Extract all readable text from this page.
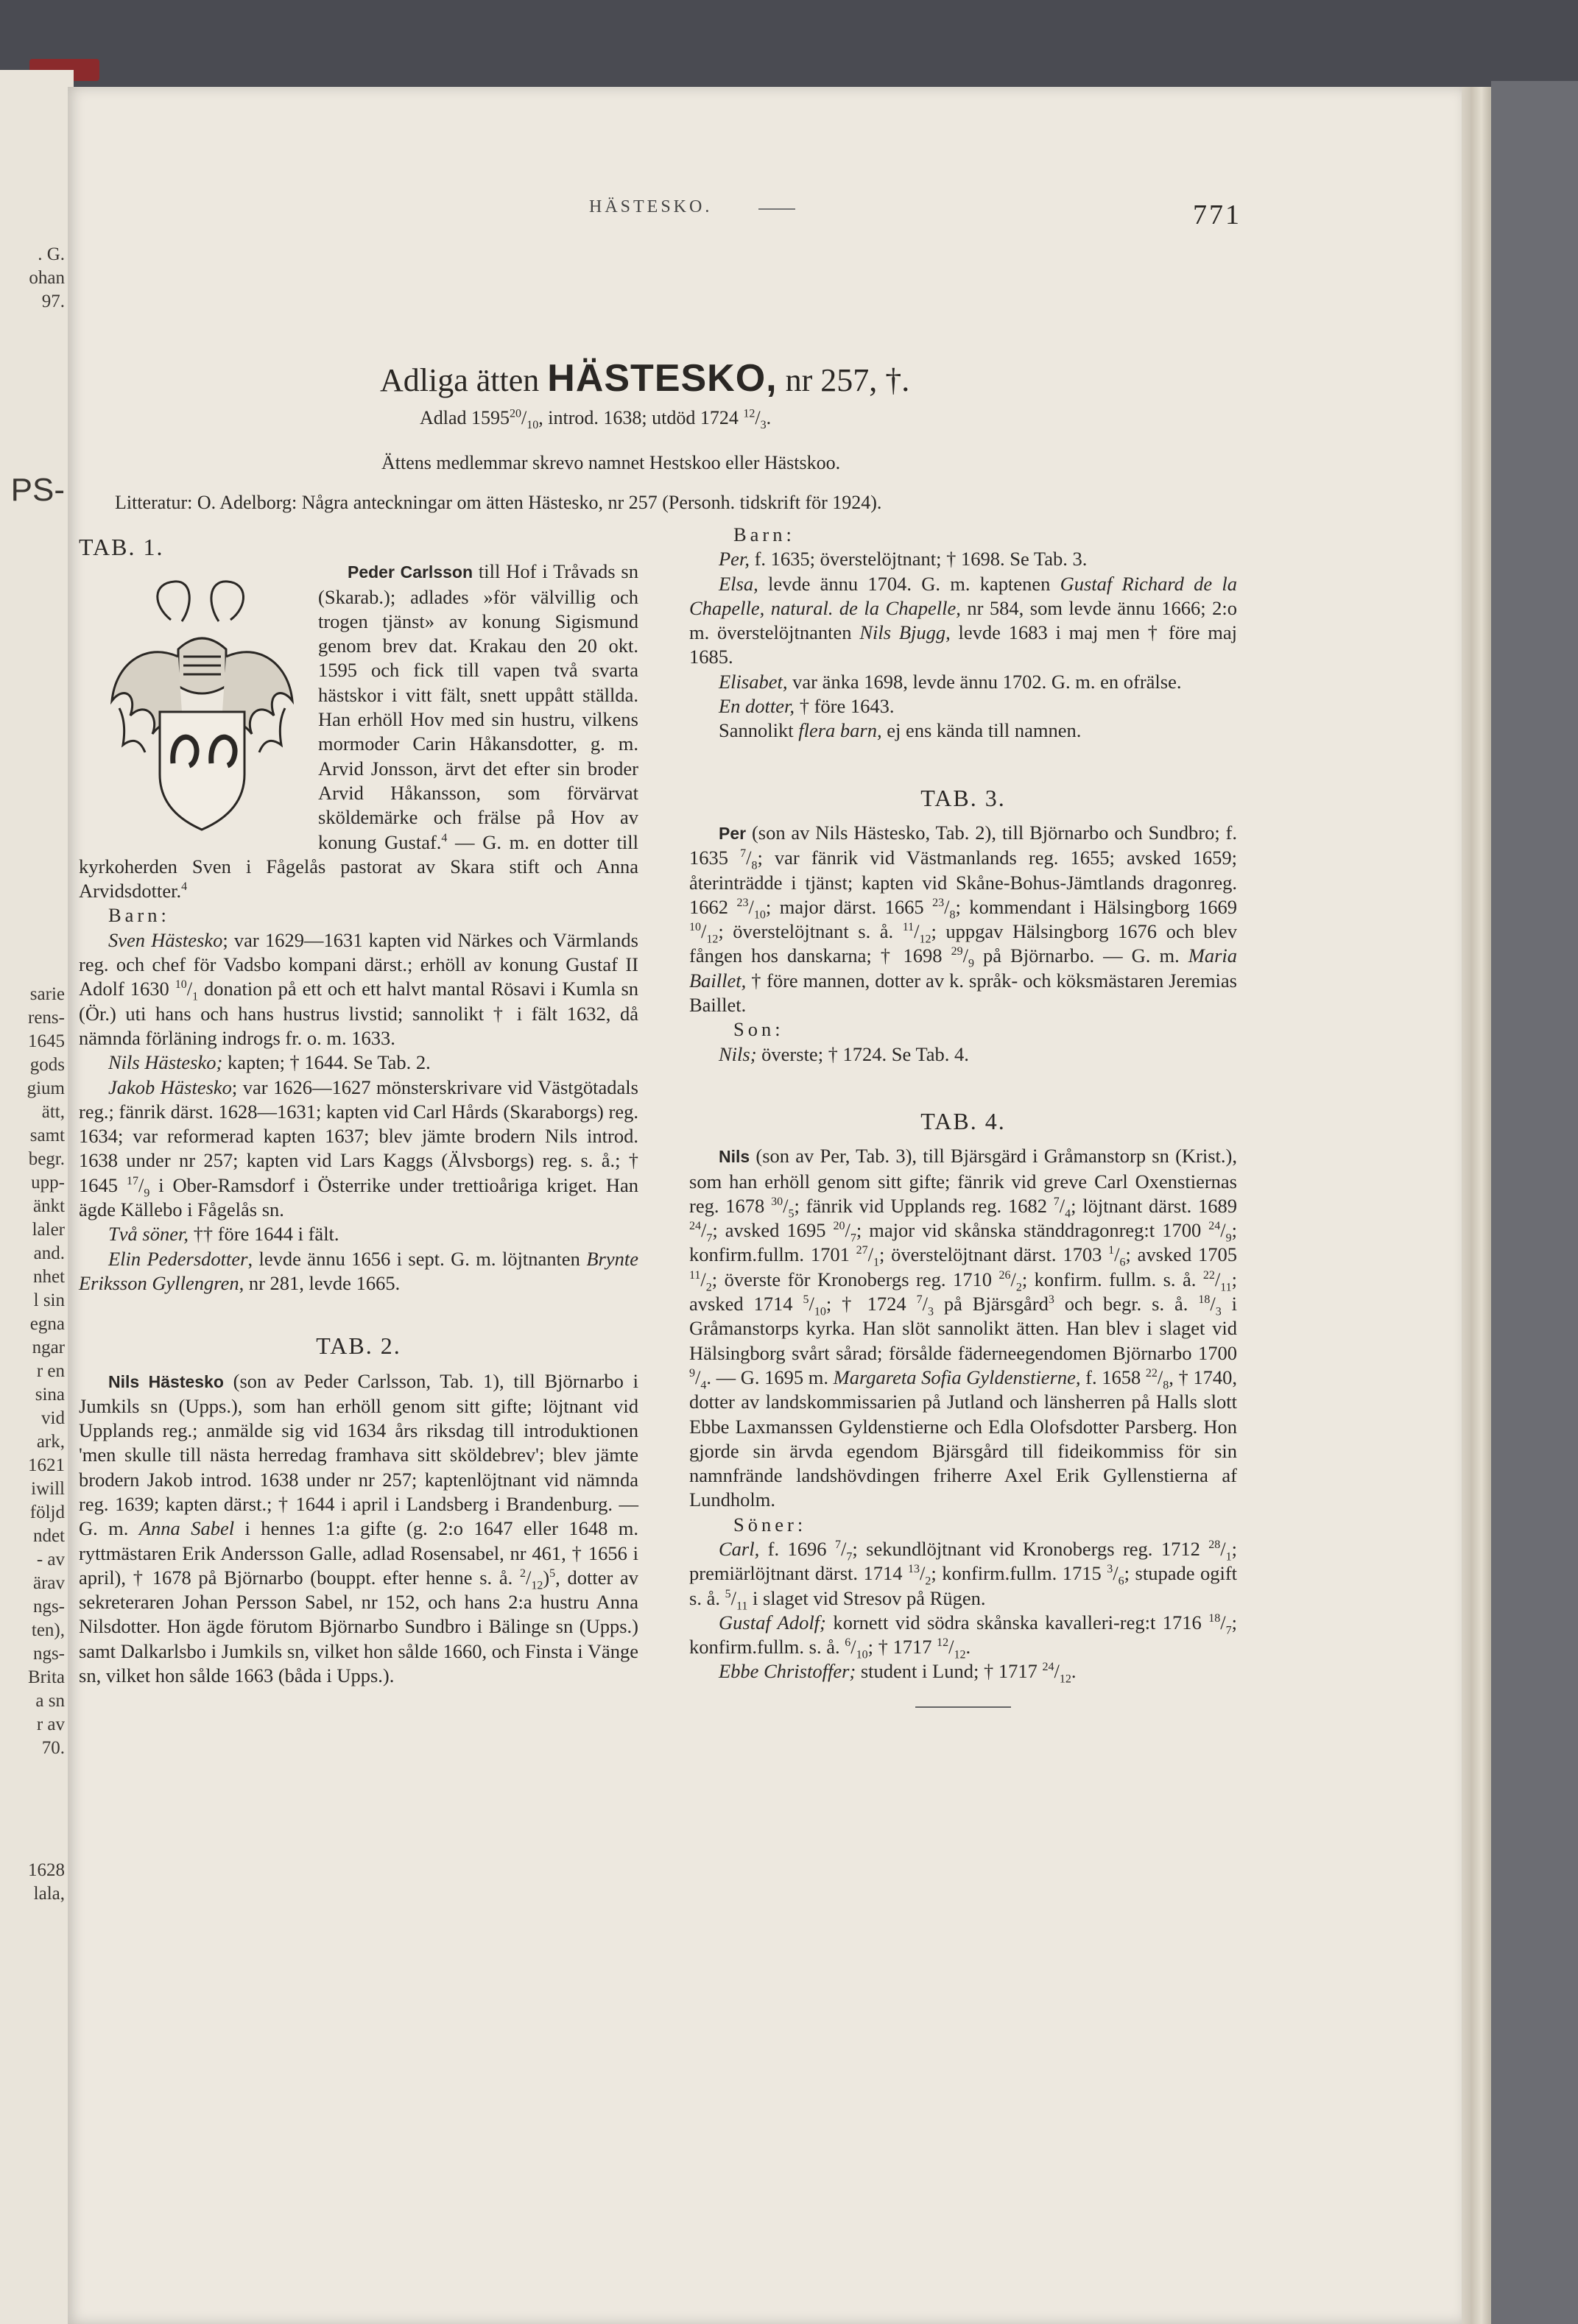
. G.
ohan
97.
PS-
sarie
rens-
1645
gods
gium
ätt,
samt
begr.
upp-
änkt
laler
and.
nhet
l sin
egna
ngar
r en
sina
vid
ark,
1621
iwill
följd
ndet
- av
ärav
ngs-
ten),
ngs-
Brita
a sn
r av
70.
1628
lala,
HÄSTESKO.	771
Adliga ätten HÄSTESKO, nr 257, †.
Adlad $1595^{20}/_{10}$, introd. 1638; utdöd 1724 $^{12}/_3$.
Ättens medlemmar skrevo namnet Hestskoo eller Hästskoo.
Litteratur: O. Adelborg: Några anteckningar om ätten Hästesko, nr 257 (Personh. tidskrift för 1924).

TAB. 1.

Peder Carlsson till Hof i Tråvads sn (Skarab.); adlades »för välvillig och trogen tjänst» av konung Sigismund genom brev dat. Krakau den 20 okt. 1595 och fick till vapen två svarta hästskor i vitt fält, snett uppått ställda. Han erhöll Hov med sin hustru, vilkens mormoder Carin Håkansdotter, g. m. Arvid Jonsson, ärvt det efter sin broder Arvid Håkansson, som förvärvat sköldemärke och frälse på Hov av konung Gustaf.$^4$ — G. m. en dotter till kyrkoherden Sven i Fågelås pastorat av Skara stift och Anna Arvidsdotter.$^4$

Barn:

Sven Hästesko; var 1629—1631 kapten vid Närkes och Värmlands reg. och chef för Vadsbo kompani därst.; erhöll av konung Gustaf II Adolf 1630 $^{10}/_1$ donation på ett och ett halvt mantal Rösavi i Kumla sn (Ör.) uti hans och hans hustrus livstid; sannolikt † i fält 1632, då nämnda förläning indrogs fr. o. m. 1633.

Nils Hästesko; kapten; † 1644. Se Tab. 2.

Jakob Hästesko; var 1626—1627 mönsterskrivare vid Västgötadals reg.; fänrik därst. 1628—1631; kapten vid Carl Hårds (Skaraborgs) reg. 1634; var reformerad kapten 1637; blev jämte brodern Nils introd. 1638 under nr 257; kapten vid Lars Kaggs (Älvsborgs) reg. s. å.; † 1645 $^{17}/_9$ i Ober-Ramsdorf i Österrike under trettioåriga kriget. Han ägde Källebo i Fågelås sn.

Två söner, †† före 1644 i fält.

Elin Pedersdotter, levde ännu 1656 i sept. G. m. löjtnanten Brynte Eriksson Gyllengren, nr 281, levde 1665.

TAB. 2.

Nils Hästesko (son av Peder Carlsson, Tab. 1), till Björnarbo i Jumkils sn (Upps.), som han erhöll genom sitt gifte; löjtnant vid Upplands reg.; anmälde sig vid 1634 års riksdag till introduktionen 'men skulle till nästa herredag framhava sitt sköldebrev'; blev jämte brodern Jakob introd. 1638 under nr 257; kaptenlöjtnant vid nämnda reg. 1639; kapten därst.; † 1644 i april i Landsberg i Brandenburg. — G. m. Anna Sabel i hennes 1:a gifte (g. 2:o 1647 eller 1648 m. ryttmästaren Erik Andersson Galle, adlad Rosensabel, nr 461, † 1656 i april), † 1678 på Björnarbo (bouppt. efter henne s. å. $^2/_{12})^5$, dotter av sekreteraren Johan Persson Sabel, nr 152, och hans 2:a hustru Anna Nilsdotter. Hon ägde förutom Björnarbo Sundbro i Bälinge sn (Upps.) samt Dalkarlsbo i Jumkils sn, vilket hon sålde 1660, och Finsta i Vänge sn, vilket hon sålde 1663 (båda i Upps.).

Barn:

Per, f. 1635; överstelöjtnant; † 1698. Se Tab. 3.

Elsa, levde ännu 1704. G. m. kaptenen Gustaf Richard de la Chapelle, natural. de la Chapelle, nr 584, som levde ännu 1666; 2:o m. överstelöjtnanten Nils Bjugg, levde 1683 i maj men † före maj 1685.

Elisabet, var änka 1698, levde ännu 1702. G. m. en ofrälse.

En dotter, † före 1643.

Sannolikt flera barn, ej ens kända till namnen.

TAB. 3.

Per (son av Nils Hästesko, Tab. 2), till Björnarbo och Sundbro; f. 1635 $^7/_8$; var fänrik vid Västmanlands reg. 1655; avsked 1659; återinträdde i tjänst; kapten vid Skåne-Bohus-Jämtlands dragonreg. 1662 $^{23}/_{10}$; major därst. 1665 $^{23}/_8$; kommendant i Hälsingborg 1669 $^{10}/_{12}$; överstelöjtnant s. å. $^{11}/_{12}$; uppgav Hälsingborg 1676 och blev fången hos danskarna; † 1698 $^{29}/_9$ på Björnarbo. — G. m. Maria Baillet, † före mannen, dotter av k. språk- och köksmästaren Jeremias Baillet.

Son:

Nils; överste; † 1724. Se Tab. 4.

TAB. 4.

Nils (son av Per, Tab. 3), till Bjärsgärd i Gråmanstorp sn (Krist.), som han erhöll genom sitt gifte; fänrik vid greve Carl Oxenstiernas reg. 1678 $^{30}/_5$; fänrik vid Upplands reg. 1682 $^7/_4$; löjtnant därst. 1689 $^{24}/_7$; avsked 1695 $^{20}/_7$; major vid skånska ständdragonreg:t 1700 $^{24}/_9$; konfirm.fullm. 1701 $^{27}/_1$; överstelöjtnant därst. 1703 $^1/_6$; avsked 1705 $^{11}/_2$; överste för Kronobergs reg. 1710 $^{26}/_2$; konfirm. fullm. s. å. $^{22}/_{11}$; avsked 1714 $^5/_{10}$; † 1724 $^7/_3$ på Bjärsgård$^3$ och begr. s. å. $^{18}/_3$ i Gråmanstorps kyrka. Han slöt sannolikt ätten. Han blev i slaget vid Hälsingborg svårt sårad; försålde fäderneegendomen Björnarbo 1700 $^9/_4$. — G. 1695 m. Margareta Sofia Gyldenstierne, f. 1658 $^{22}/_8$, † 1740, dotter av landskommissarien på Jutland och länsherren på Halls slott Ebbe Laxmanssen Gyldenstierne och Edla Olofsdotter Parsberg. Hon gjorde sin ärvda egendom Bjärsgård till fideikommiss för sin namnfrände landshövdingen friherre Axel Erik Gyllenstierna af Lundholm.

Söner:

Carl, f. 1696 $^7/_7$; sekundlöjtnant vid Kronobergs reg. 1712 $^{28}/_1$; premiärlöjtnant därst. 1714 $^{13}/_2$; konfirm.fullm. 1715 $^3/_6$; stupade ogift s. å. $^5/_{11}$ i slaget vid Stresov på Rügen.

Gustaf Adolf; kornett vid södra skånska kavalleri-reg:t 1716 $^{18}/_7$; konfirm.fullm. s. å. $^6/_{10}$; † 1717 $^{12}/_{12}$.

Ebbe Christoffer; student i Lund; † 1717 $^{24}/_{12}$.
